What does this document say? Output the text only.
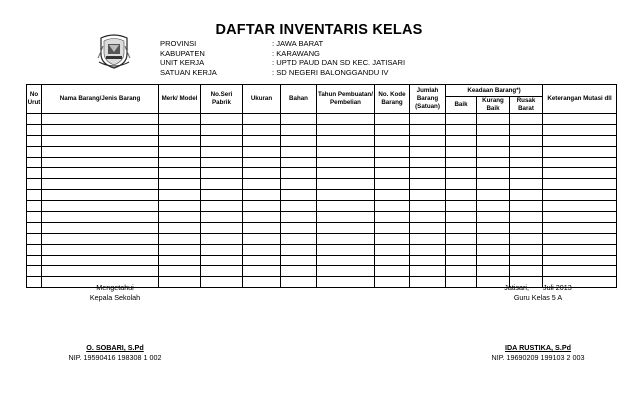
DAFTAR INVENTARIS KELAS
PROVINSI	: JAWA BARAT
KABUPATEN	: KARAWANG
UNIT KERJA	: UPTD PAUD DAN SD KEC. JATISARI
SATUAN KERJA	: SD NEGERI BALONGGANDU IV
No Urut	Nama Barang/Jenis Barang	Merk/ Model	No.Seri Pabrik	Ukuran	Bahan	Tahun Pembuatan/ Pembelian	No. Kode Barang	Jumlah Barang (Satuan)	Keadaan Barang*)			Keterangan Mutasi dll
									Baik	Kurang Baik	Rusak Barat	

Mengetahui
Kepala Sekolah
O. SOBARI, S.Pd
NIP. 19590416 198308 1 002
Jatisari,       Juli 2013
Guru Kelas 5 A
IDA RUSTIKA, S.Pd
NIP. 19690209 199103 2 003
